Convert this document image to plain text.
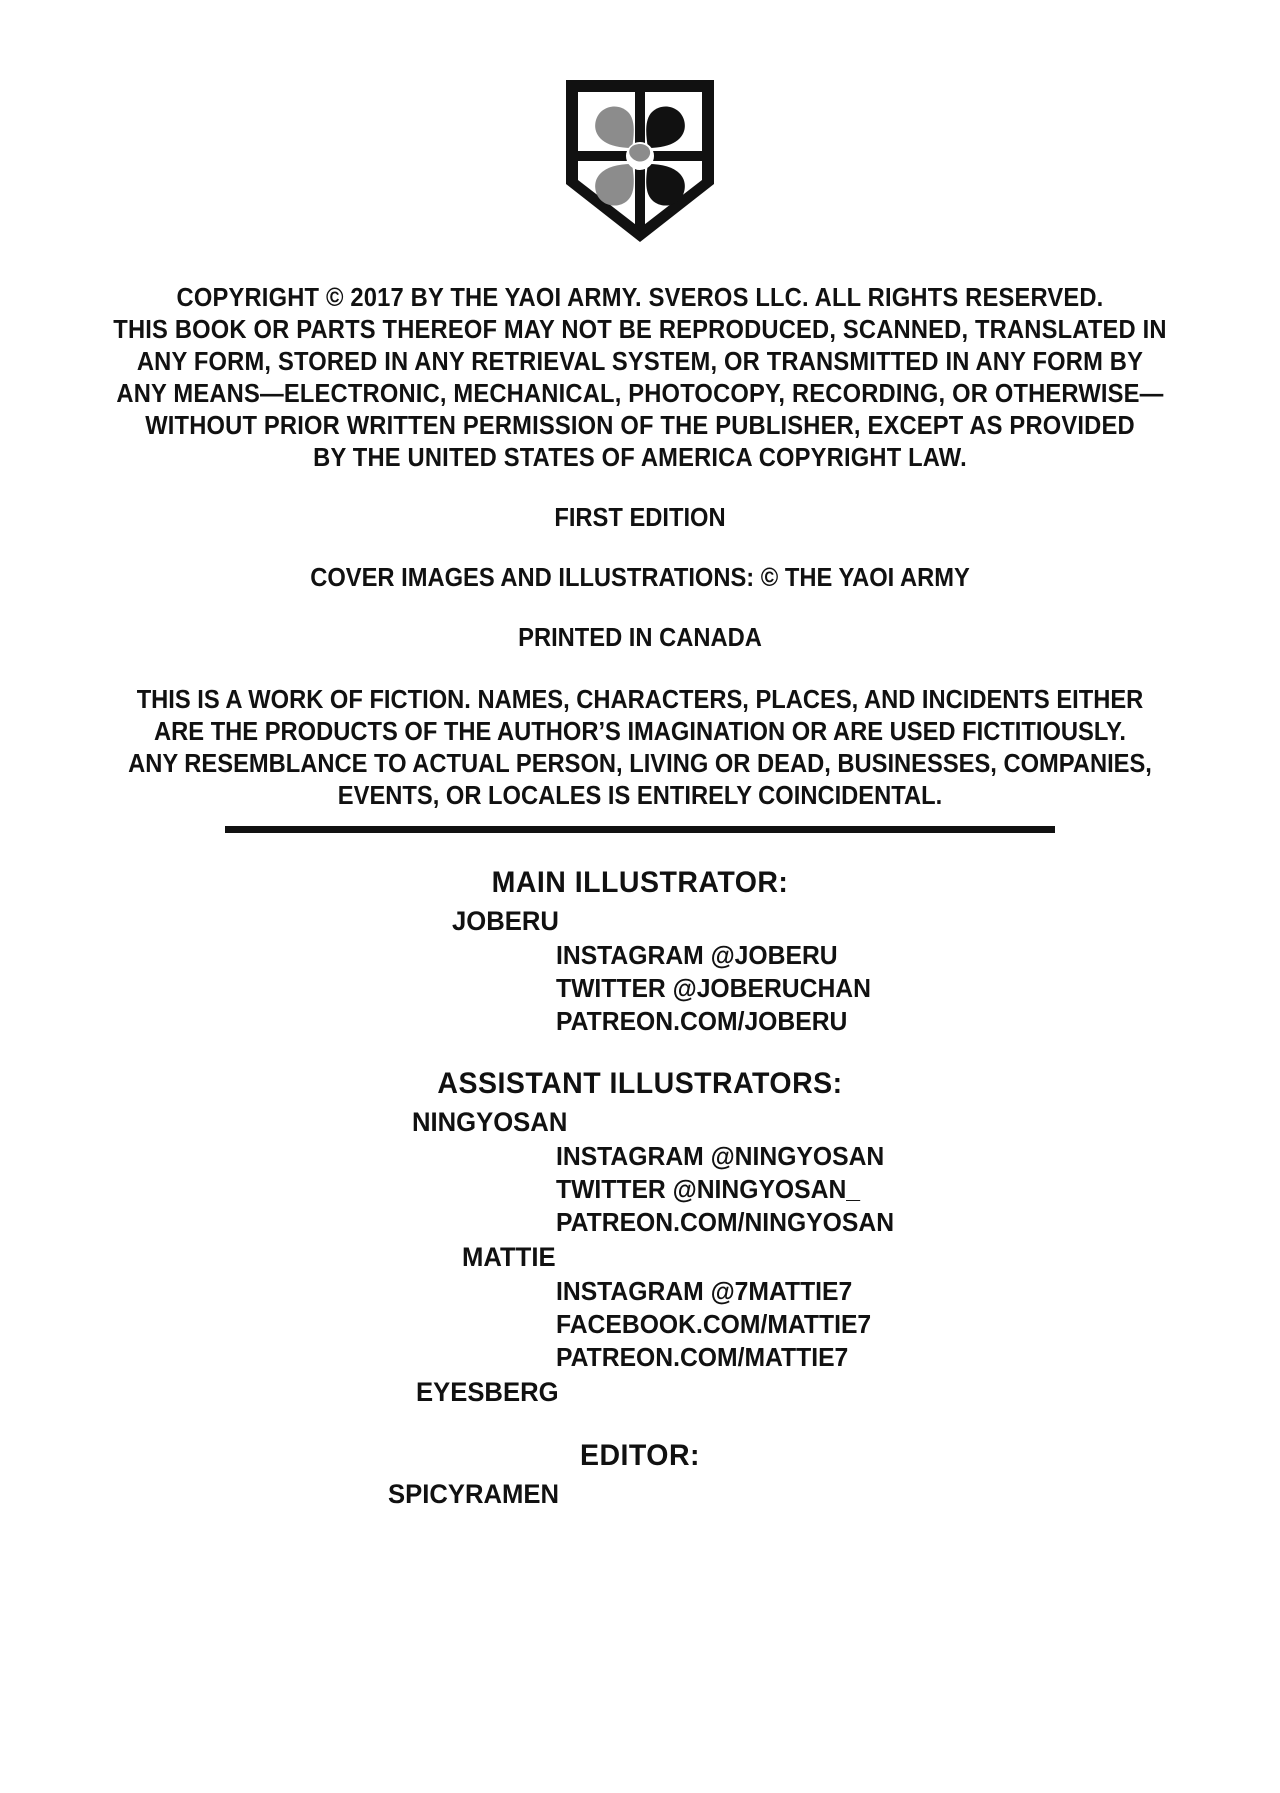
COPYRIGHT © 2017 BY THE YAOI ARMY. SVEROS LLC. ALL RIGHTS RESERVED.
THIS BOOK OR PARTS THEREOF MAY NOT BE REPRODUCED, SCANNED, TRANSLATED IN
ANY FORM, STORED IN ANY RETRIEVAL SYSTEM, OR TRANSMITTED IN ANY FORM BY
ANY MEANS—ELECTRONIC, MECHANICAL, PHOTOCOPY, RECORDING, OR OTHERWISE—
WITHOUT PRIOR WRITTEN PERMISSION OF THE PUBLISHER, EXCEPT AS PROVIDED
BY THE UNITED STATES OF AMERICA COPYRIGHT LAW.
FIRST EDITION
COVER IMAGES AND ILLUSTRATIONS: © THE YAOI ARMY
PRINTED IN CANADA
THIS IS A WORK OF FICTION. NAMES, CHARACTERS, PLACES, AND INCIDENTS EITHER
ARE THE PRODUCTS OF THE AUTHOR’S IMAGINATION OR ARE USED FICTITIOUSLY.
ANY RESEMBLANCE TO ACTUAL PERSON, LIVING OR DEAD, BUSINESSES, COMPANIES,
EVENTS, OR LOCALES IS ENTIRELY COINCIDENTAL.
MAIN ILLUSTRATOR:
JOBERU
INSTAGRAM @JOBERU
TWITTER @JOBERUCHAN
PATREON.COM/JOBERU
ASSISTANT ILLUSTRATORS:
NINGYOSAN
INSTAGRAM @NINGYOSAN
TWITTER @NINGYOSAN_
PATREON.COM/NINGYOSAN
MATTIE
INSTAGRAM @7MATTIE7
FACEBOOK.COM/MATTIE7
PATREON.COM/MATTIE7
EYESBERG
EDITOR:
SPICYRAMEN
